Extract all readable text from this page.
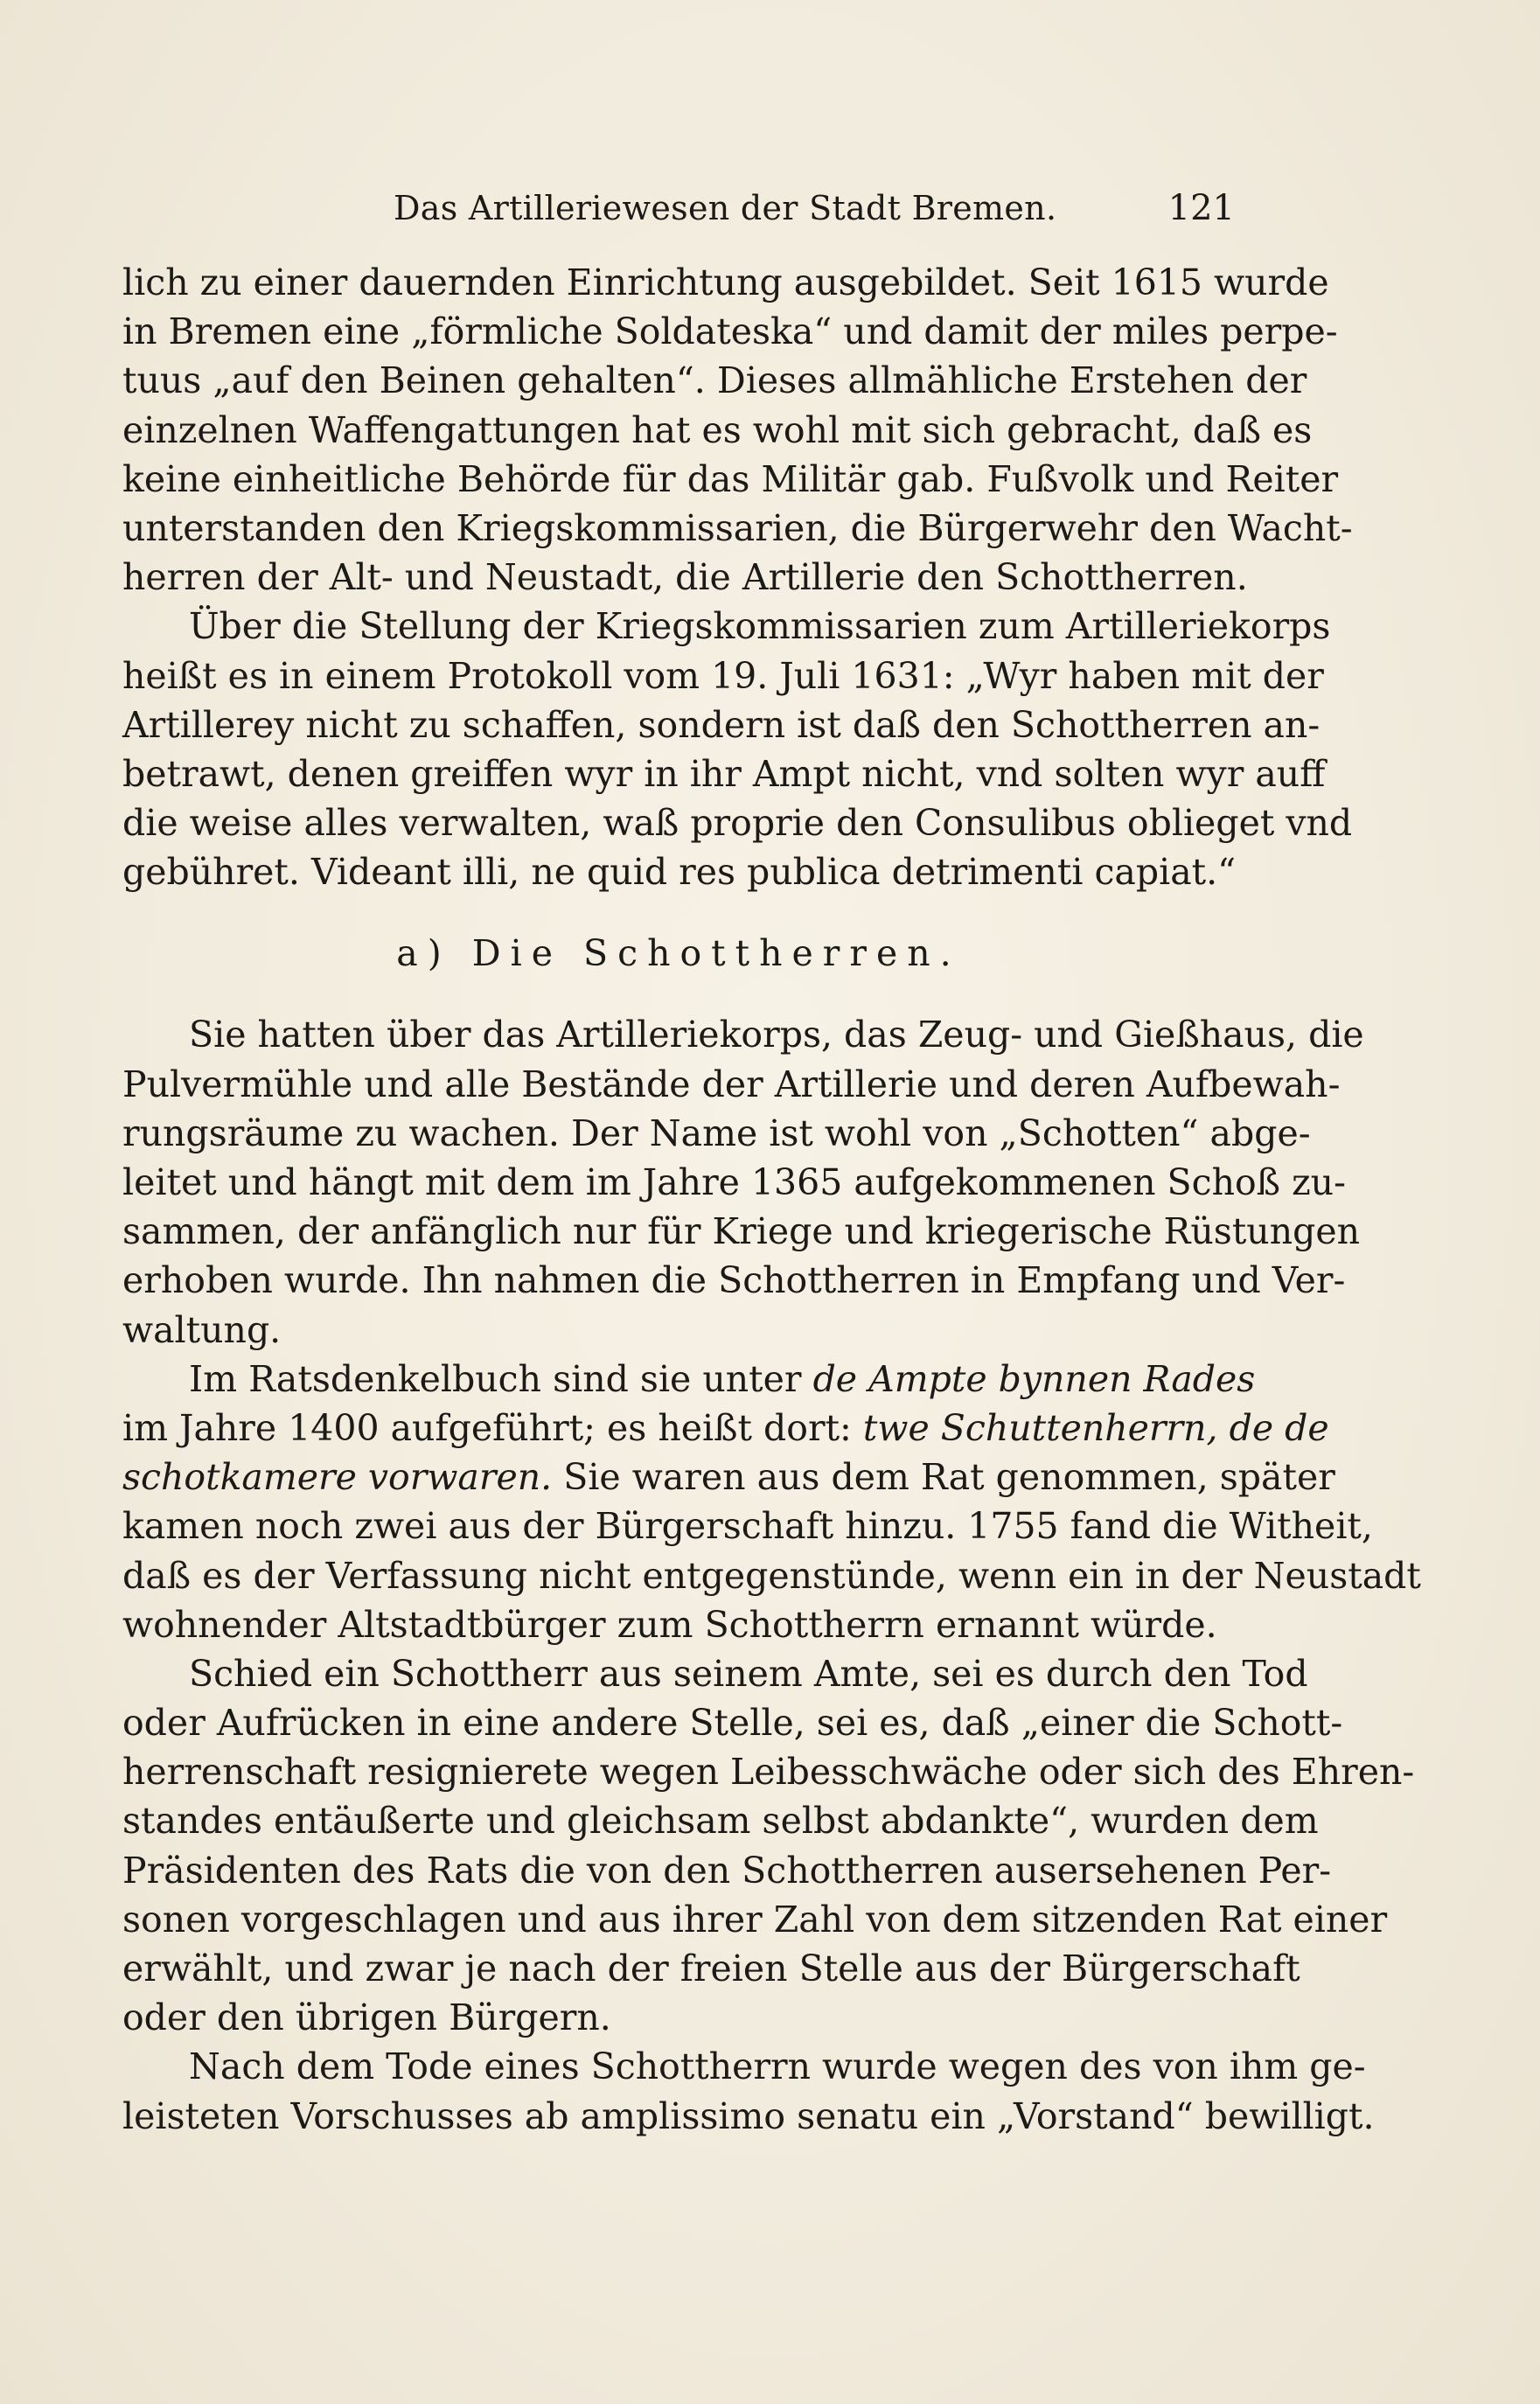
Das Artilleriewesen der Stadt Bremen.	121
lich zu einer dauernden Einrichtung ausgebildet. Seit 1615 wurde
in Bremen eine „förmliche Soldateska“ und damit der miles perpe-
tuus „auf den Beinen gehalten“. Dieses allmähliche Erstehen der
einzelnen Waffengattungen hat es wohl mit sich gebracht, daß es
keine einheitliche Behörde für das Militär gab. Fußvolk und Reiter
unterstanden den Kriegskommissarien, die Bürgerwehr den Wacht-
herren der Alt- und Neustadt, die Artillerie den Schottherren.
Über die Stellung der Kriegskommissarien zum Artilleriekorps
heißt es in einem Protokoll vom 19. Juli 1631: „Wyr haben mit der
Artillerey nicht zu schaffen, sondern ist daß den Schottherren an-
betrawt, denen greiffen wyr in ihr Ampt nicht, vnd solten wyr auff
die weise alles verwalten, waß proprie den Consulibus oblieget vnd
gebühret. Videant illi, ne quid res publica detrimenti capiat.“
a) Die Schottherren.
Sie hatten über das Artilleriekorps, das Zeug- und Gießhaus, die
Pulvermühle und alle Bestände der Artillerie und deren Aufbewah-
rungsräume zu wachen. Der Name ist wohl von „Schotten“ abge-
leitet und hängt mit dem im Jahre 1365 aufgekommenen Schoß zu-
sammen, der anfänglich nur für Kriege und kriegerische Rüstungen
erhoben wurde. Ihn nahmen die Schottherren in Empfang und Ver-
waltung.
Im Ratsdenkelbuch sind sie unter de Ampte bynnen Rades
im Jahre 1400 aufgeführt; es heißt dort: twe Schuttenherrn, de de
schotkamere vorwaren. Sie waren aus dem Rat genommen, später
kamen noch zwei aus der Bürgerschaft hinzu. 1755 fand die Witheit,
daß es der Verfassung nicht entgegenstünde, wenn ein in der Neustadt
wohnender Altstadtbürger zum Schottherrn ernannt würde.
Schied ein Schottherr aus seinem Amte, sei es durch den Tod
oder Aufrücken in eine andere Stelle, sei es, daß „einer die Schott-
herrenschaft resignierete wegen Leibesschwäche oder sich des Ehren-
standes entäußerte und gleichsam selbst abdankte“, wurden dem
Präsidenten des Rats die von den Schottherren ausersehenen Per-
sonen vorgeschlagen und aus ihrer Zahl von dem sitzenden Rat einer
erwählt, und zwar je nach der freien Stelle aus der Bürgerschaft
oder den übrigen Bürgern.
Nach dem Tode eines Schottherrn wurde wegen des von ihm ge-
leisteten Vorschusses ab amplissimo senatu ein „Vorstand“ bewilligt.
